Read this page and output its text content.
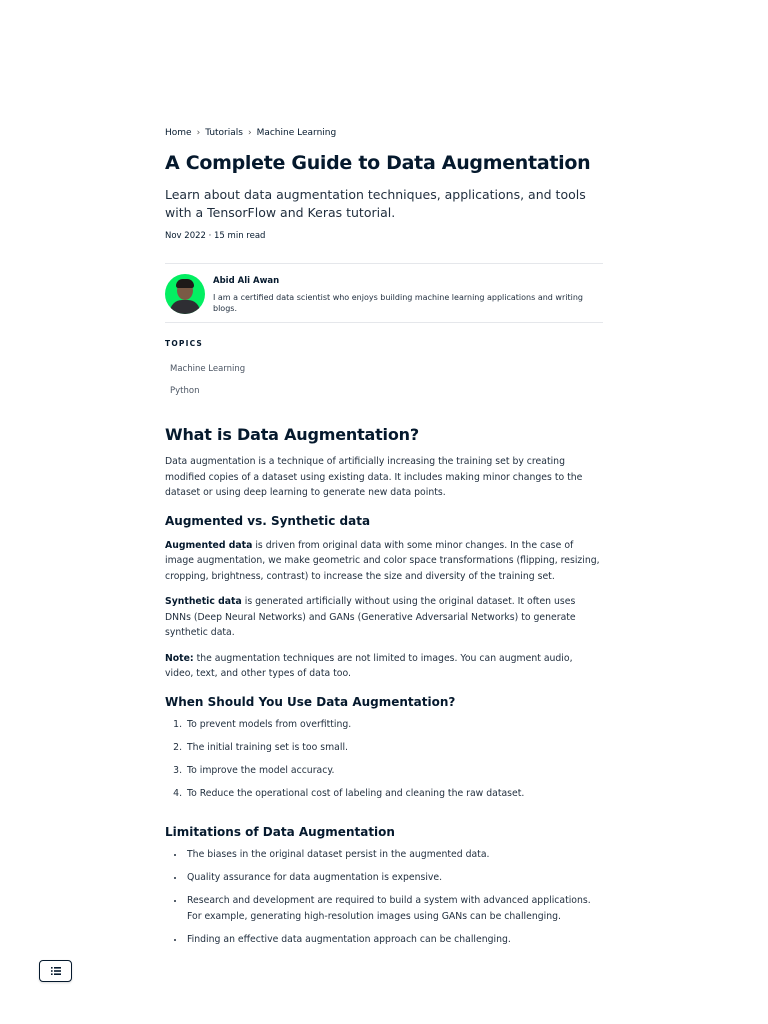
Home › Tutorials › Machine Learning
A Complete Guide to Data Augmentation

Learn about data augmentation techniques, applications, and tools with a TensorFlow and Keras tutorial.

Nov 2022 · 15 min read
Abid Ali Awan
I am a certified data scientist who enjoys building machine learning applications and writing blogs.
TOPICS
Machine Learning
Python
What is Data Augmentation?

Data augmentation is a technique of artificially increasing the training set by creating modified copies of a dataset using existing data. It includes making minor changes to the dataset or using deep learning to generate new data points.

Augmented vs. Synthetic data

Augmented data is driven from original data with some minor changes. In the case of image augmentation, we make geometric and color space transformations (flipping, resizing, cropping, brightness, contrast) to increase the size and diversity of the training set.

Synthetic data is generated artificially without using the original dataset. It often uses DNNs (Deep Neural Networks) and GANs (Generative Adversarial Networks) to generate synthetic data.

Note: the augmentation techniques are not limited to images. You can augment audio, video, text, and other types of data too.

When Should You Use Data Augmentation?
1. To prevent models from overfitting.
2. The initial training set is too small.
3. To improve the model accuracy.
4. To Reduce the operational cost of labeling and cleaning the raw dataset.
Limitations of Data Augmentation
• The biases in the original dataset persist in the augmented data.
• Quality assurance for data augmentation is expensive.
• Research and development are required to build a system with advanced applications. For example, generating high-resolution images using GANs can be challenging.
• Finding an effective data augmentation approach can be challenging.
